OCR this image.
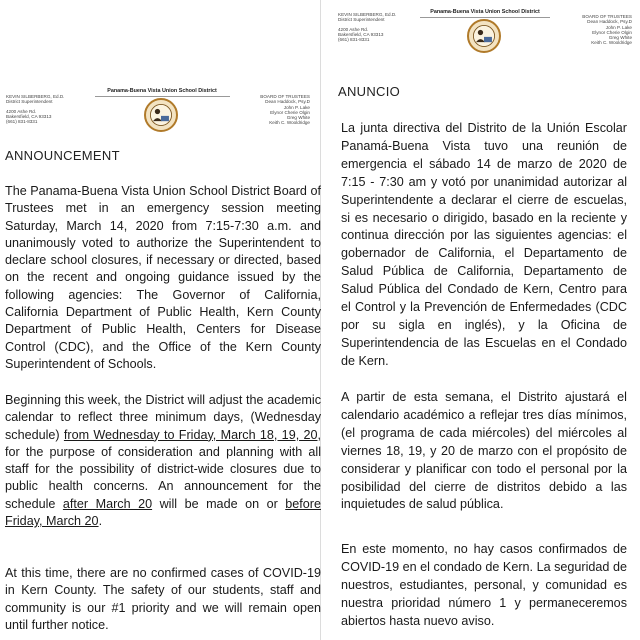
KEVIN SILBERBERG, Ed.D.
District Superintendent
4200 Ashe Rd.
Bakersfield, CA 93313
(661) 831-8331
Panama-Buena Vista Union School District
BOARD OF TRUSTEES
Dean Haddock, Psy.D
John P. Lake
Elynor Cherie Olgin
Greg White
Keith C. Wooldridge
ANNOUNCEMENT

The Panama-Buena Vista Union School District Board of Trustees met in an emergency session meeting Saturday, March 14, 2020 from 7:15-7:30 a.m. and unanimously voted to authorize the Superintendent to declare school closures, if necessary or directed, based on the recent and ongoing guidance issued by the following agencies: The Governor of California, California Department of Public Health, Kern County Department of Public Health, Centers for Disease Control (CDC), and the Office of the Kern County Superintendent of Schools.

Beginning this week, the District will adjust the academic calendar to reflect three minimum days, (Wednesday schedule) from Wednesday to Friday, March 18, 19, 20, for the purpose of consideration and planning with all staff for the possibility of district-wide closures due to public health concerns. An announcement for the schedule after March 20 will be made on or before Friday, March 20.

At this time, there are no confirmed cases of COVID-19 in Kern County. The safety of our students, staff and community is our #1 priority and we will remain open until further notice.

KEVIN SILBERBERG, Ed.D.
District Superintendent
4200 Ashe Rd.
Bakersfield, CA 93313
(661) 831-8331
Panama-Buena Vista Union School District
BOARD OF TRUSTEES
Dean Haddock, Psy.D
John P. Lake
Elynor Cherie Olgin
Greg White
Keith C. Wooldridge
ANUNCIO

La junta directiva del Distrito de la Unión Escolar Panamá-Buena Vista tuvo una reunión de emergencia el sábado 14 de marzo de 2020 de 7:15 - 7:30 am y votó por unanimidad autorizar al Superintendente a declarar el cierre de escuelas, si es necesario o dirigido, basado en la reciente y continua dirección por las siguientes agencias: el gobernador de California, el Departamento de Salud Pública de California, Departamento de Salud Pública del Condado de Kern, Centro para el Control y la Prevención de Enfermedades (CDC por su sigla en inglés), y la Oficina de Superintendencia de las Escuelas en el Condado de Kern.

A partir de esta semana, el Distrito ajustará el calendario académico a reflejar tres días mínimos, (el programa de cada miércoles) del miércoles al viernes 18, 19, y 20 de marzo con el propósito de considerar y planificar con todo el personal por la posibilidad del cierre de distritos debido a las inquietudes de salud pública.

En este momento, no hay casos confirmados de COVID-19 en el condado de Kern. La seguridad de nuestros, estudiantes, personal, y comunidad es nuestra prioridad número 1 y permaneceremos abiertos hasta nuevo aviso.
